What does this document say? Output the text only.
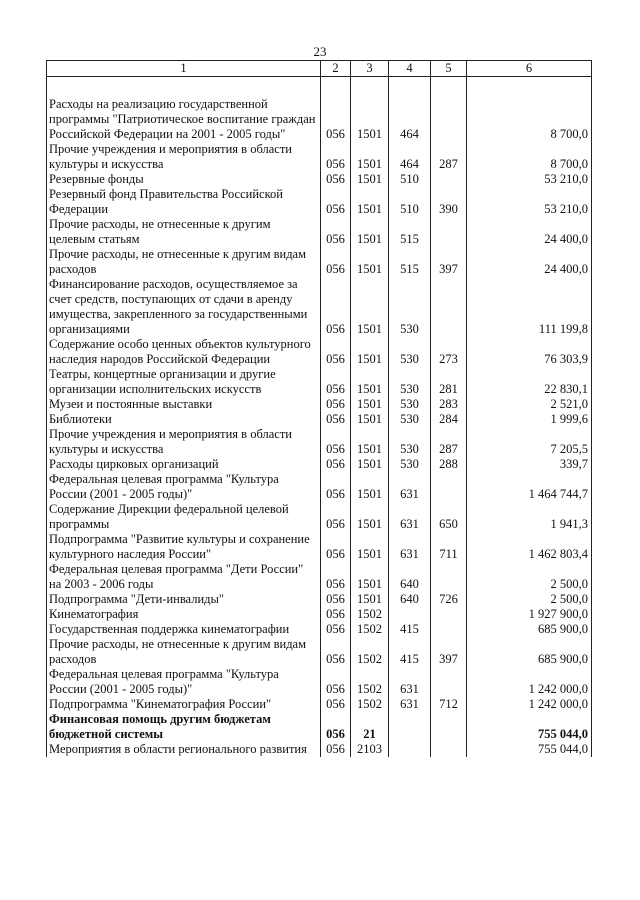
23
1	2	3	4	5	6

Расходы на реализацию государственной программы "Патриотическое воспитание граждан Российской Федерации на 2001 - 2005 годы"	056	1501	464		8 700,0
Прочие учреждения и мероприятия в области культуры и искусства	056	1501	464	287	8 700,0
Резервные фонды	056	1501	510		53 210,0
Резервный фонд Правительства Российской Федерации	056	1501	510	390	53 210,0
Прочие расходы, не отнесенные к другим целевым статьям	056	1501	515		24 400,0
Прочие расходы, не отнесенные к другим видам расходов	056	1501	515	397	24 400,0
Финансирование расходов, осуществляемое за счет средств, поступающих от сдачи в аренду имущества, закрепленного за государственными организациями	056	1501	530		111 199,8
Содержание особо ценных объектов культурного наследия народов Российской Федерации	056	1501	530	273	76 303,9
Театры, концертные организации и другие организации исполнительских искусств	056	1501	530	281	22 830,1
Музеи и постоянные выставки	056	1501	530	283	2 521,0
Библиотеки	056	1501	530	284	1 999,6
Прочие учреждения и мероприятия в области культуры и искусства	056	1501	530	287	7 205,5
Расходы цирковых организаций	056	1501	530	288	339,7
Федеральная целевая программа "Культура России (2001 - 2005 годы)"	056	1501	631		1 464 744,7
Содержание Дирекции федеральной целевой программы	056	1501	631	650	1 941,3
Подпрограмма "Развитие культуры и сохранение культурного наследия России"	056	1501	631	711	1 462 803,4
Федеральная целевая программа "Дети России" на 2003 - 2006 годы	056	1501	640		2 500,0
Подпрограмма "Дети-инвалиды"	056	1501	640	726	2 500,0
Кинематография	056	1502			1 927 900,0
Государственная поддержка кинематографии	056	1502	415		685 900,0
Прочие расходы, не отнесенные к другим видам расходов	056	1502	415	397	685 900,0
Федеральная целевая программа "Культура России (2001 - 2005 годы)"	056	1502	631		1 242 000,0
Подпрограмма "Кинематография России"	056	1502	631	712	1 242 000,0
Финансовая помощь другим бюджетам бюджетной системы	056	21			755 044,0
Мероприятия в области регионального развития	056	2103			755 044,0
